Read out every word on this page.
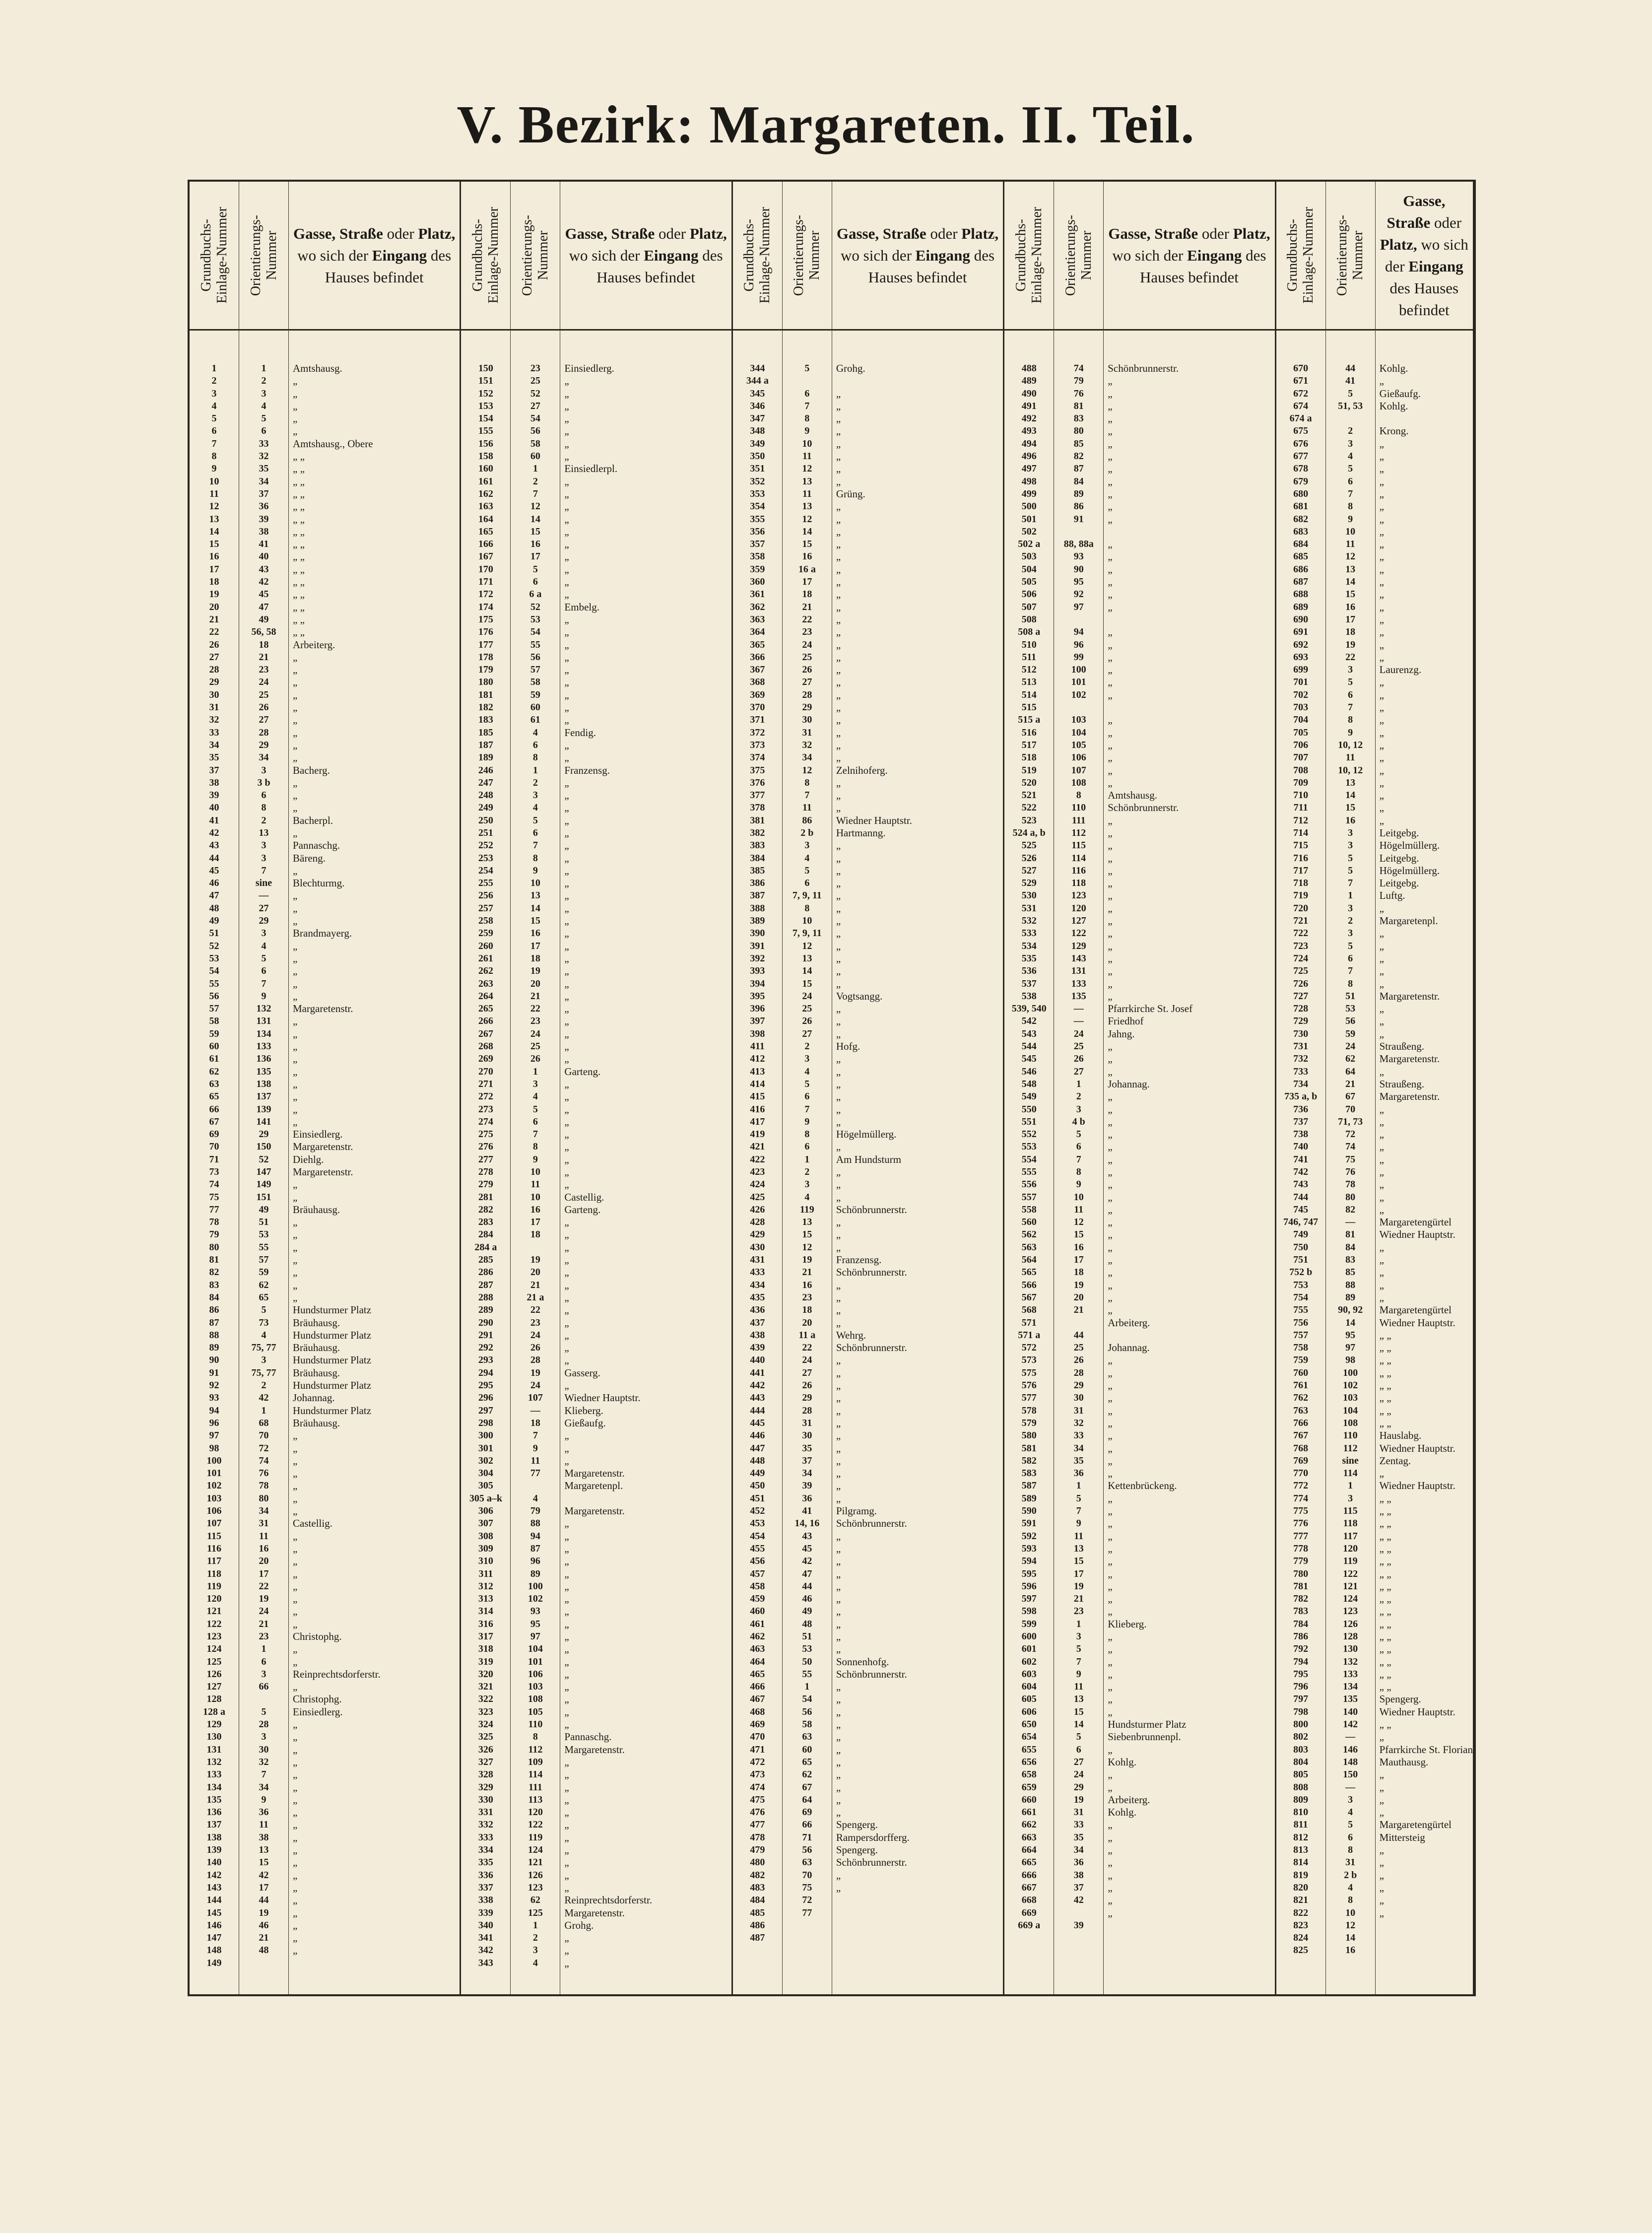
V. Bezirk: Margareten. II. Teil.
Grundbuchs-
Einlage-Nummer
1
2
3
4
5
6
7
8
9
10
11
12
13
14
15
16
17
18
19
20
21
22
26
27
28
29
30
31
32
33
34
35
37
38
39
40
41
42
43
44
45
46
47
48
49
51
52
53
54
55
56
57
58
59
60
61
62
63
65
66
67
69
70
71
73
74
75
77
78
79
80
81
82
83
84
86
87
88
89
90
91
92
93
94
96
97
98
100
101
102
103
106
107
115
116
117
118
119
120
121
122
123
124
125
126
127
128
128 a
129
130
131
132
133
134
135
136
137
138
139
140
142
143
144
145
146
147
148
149
Orientierungs-
Nummer
1
2
3
4
5
6
33
32
35
34
37
36
39
38
41
40
43
42
45
47
49
56, 58
18
21
23
24
25
26
27
28
29
34
3
3 b
6
8
2
13
3
3
7
sine
—
27
29
3
4
5
6
7
9
132
131
134
133
136
135
138
137
139
141
29
150
52
147
149
151
49
51
53
55
57
59
62
65
5
73
4
75, 77
3
75, 77
2
42
1
68
70
72
74
76
78
80
34
31
11
16
20
17
22
19
24
21
23
1
6
3
66
5
28
3
30
32
7
34
9
36
11
38
13
15
42
17
44
19
46
21
48
Gasse, Straße oder Platz, wo sich der Eingang des Hauses befindet
Amtshausg.
„
„
„
„
„
Amtshausg., Obere
„ „
„ „
„ „
„ „
„ „
„ „
„ „
„ „
„ „
„ „
„ „
„ „
„ „
„ „
„ „
Arbeiterg.
„
„
„
„
„
„
„
„
„
Bacherg.
„
„
„
Bacherpl.
„
Pannaschg.
Bäreng.
„
Blechturmg.
„
„
„
Brandmayerg.
„
„
„
„
„
Margaretenstr.
„
„
„
„
„
„
„
„
„
Einsiedlerg.
Margaretenstr.
Diehlg.
Margaretenstr.
„
„
Bräuhausg.
„
„
„
„
„
„
„
Hundsturmer Platz
Bräuhausg.
Hundsturmer Platz
Bräuhausg.
Hundsturmer Platz
Bräuhausg.
Hundsturmer Platz
Johannag.
Hundsturmer Platz
Bräuhausg.
„
„
„
„
„
„
„
Castellig.
„
„
„
„
„
„
„
„
Christophg.
„
„
Reinprechtsdorferstr.
„
Christophg.
Einsiedlerg.
„
„
„
„
„
„
„
„
„
„
„
„
„
„
„
„
„
„
„
Grundbuchs-
Einlage-Nummer
150
151
152
153
154
155
156
158
160
161
162
163
164
165
166
167
170
171
172
174
175
176
177
178
179
180
181
182
183
185
187
189
246
247
248
249
250
251
252
253
254
255
256
257
258
259
260
261
262
263
264
265
266
267
268
269
270
271
272
273
274
275
276
277
278
279
281
282
283
284
284 a
285
286
287
288
289
290
291
292
293
294
295
296
297
298
300
301
302
304
305
305 a–k
306
307
308
309
310
311
312
313
314
316
317
318
319
320
321
322
323
324
325
326
327
328
329
330
331
332
333
334
335
336
337
338
339
340
341
342
343
Orientierungs-
Nummer
23
25
52
27
54
56
58
60
1
2
7
12
14
15
16
17
5
6
6 a
52
53
54
55
56
57
58
59
60
61
4
6
8
1
2
3
4
5
6
7
8
9
10
13
14
15
16
17
18
19
20
21
22
23
24
25
26
1
3
4
5
6
7
8
9
10
11
10
16
17
18
19
20
21
21 a
22
23
24
26
28
19
24
107
—
18
7
9
11
77
4
79
88
94
87
96
89
100
102
93
95
97
104
101
106
103
108
105
110
8
112
109
114
111
113
120
122
119
124
121
126
123
62
125
1
2
3
4
Gasse, Straße oder Platz, wo sich der Eingang des Hauses befindet
Einsiedlerg.
„
„
„
„
„
„
„
Einsiedlerpl.
„
„
„
„
„
„
„
„
„
„
Embelg.
„
„
„
„
„
„
„
„
„
Fendig.
„
„
Franzensg.
„
„
„
„
„
„
„
„
„
„
„
„
„
„
„
„
„
„
„
„
„
„
„
Garteng.
„
„
„
„
„
„
„
„
„
Castellig.
Garteng.
„
„
„
„
„
„
„
„
„
„
„
„
Gasserg.
„
Wiedner Hauptstr.
Klieberg.
Gießaufg.
„
„
„
Margaretenstr.
Margaretenpl.
Margaretenstr.
„
„
„
„
„
„
„
„
„
„
„
„
„
„
„
„
„
Pannaschg.
Margaretenstr.
„
„
„
„
„
„
„
„
„
„
„
Reinprechtsdorferstr.
Margaretenstr.
Grohg.
„
„
„
Grundbuchs-
Einlage-Nummer
344
344 a
345
346
347
348
349
350
351
352
353
354
355
356
357
358
359
360
361
362
363
364
365
366
367
368
369
370
371
372
373
374
375
376
377
378
381
382
383
384
385
386
387
388
389
390
391
392
393
394
395
396
397
398
411
412
413
414
415
416
417
419
421
422
423
424
425
426
428
429
430
431
433
434
435
436
437
438
439
440
441
442
443
444
445
446
447
448
449
450
451
452
453
454
455
456
457
458
459
460
461
462
463
464
465
466
467
468
469
470
471
472
473
474
475
476
477
478
479
480
482
483
484
485
486
487
Orientierungs-
Nummer
5
6
7
8
9
10
11
12
13
11
13
12
14
15
16
16 a
17
18
21
22
23
24
25
26
27
28
29
30
31
32
34
12
8
7
11
86
2 b
3
4
5
6
7, 9, 11
8
10
7, 9, 11
12
13
14
15
24
25
26
27
2
3
4
5
6
7
9
8
6
1
2
3
4
119
13
15
12
19
21
16
23
18
20
11 a
22
24
27
26
29
28
31
30
35
37
34
39
36
41
14, 16
43
45
42
47
44
46
49
48
51
53
50
55
1
54
56
58
63
60
65
62
67
64
69
66
71
56
63
70
75
72
77
Gasse, Straße oder Platz, wo sich der Eingang des Hauses befindet
Grohg.
„
„
„
„
„
„
„
„
Grüng.
„
„
„
„
„
„
„
„
„
„
„
„
„
„
„
„
„
„
„
„
„
Zelnihoferg.
„
„
„
Wiedner Hauptstr.
Hartmanng.
„
„
„
„
„
„
„
„
„
„
„
„
Vogtsangg.
„
„
„
Hofg.
„
„
„
„
„
„
Högelmüllerg.
„
Am Hundsturm
„
„
„
Schönbrunnerstr.
„
„
„
Franzensg.
Schönbrunnerstr.
„
„
„
„
Wehrg.
Schönbrunnerstr.
„
„
„
„
„
„
„
„
„
„
„
„
Pilgramg.
Schönbrunnerstr.
„
„
„
„
„
„
„
„
„
„
Sonnenhofg.
Schönbrunnerstr.
„
„
„
„
„
„
„
„
„
„
„
Spengerg.
Rampersdorfferg.
Spengerg.
Schönbrunnerstr.
„
„
Grundbuchs-
Einlage-Nummer
488
489
490
491
492
493
494
496
497
498
499
500
501
502
502 a
503
504
505
506
507
508
508 a
510
511
512
513
514
515
515 a
516
517
518
519
520
521
522
523
524 a, b
525
526
527
529
530
531
532
533
534
535
536
537
538
539, 540
542
543
544
545
546
548
549
550
551
552
553
554
555
556
557
558
560
562
563
564
565
566
567
568
571
571 a
572
573
575
576
577
578
579
580
581
582
583
587
589
590
591
592
593
594
595
596
597
598
599
600
601
602
603
604
605
606
650
654
655
656
658
659
660
661
662
663
664
665
666
667
668
669
669 a
Orientierungs-
Nummer
74
79
76
81
83
80
85
82
87
84
89
86
91
88, 88a
93
90
95
92
97
94
96
99
100
101
102
103
104
105
106
107
108
8
110
111
112
115
114
116
118
123
120
127
122
129
143
131
133
135
—
—
24
25
26
27
1
2
3
4 b
5
6
7
8
9
10
11
12
15
16
17
18
19
20
21
44
25
26
28
29
30
31
32
33
34
35
36
1
5
7
9
11
13
15
17
19
21
23
1
3
5
7
9
11
13
15
14
5
6
27
24
29
19
31
33
35
34
36
38
37
42
39
Gasse, Straße oder Platz, wo sich der Eingang des Hauses befindet
Schönbrunnerstr.
„
„
„
„
„
„
„
„
„
„
„
„
„
„
„
„
„
„
„
„
„
„
„
„
„
„
„
„
„
„
Amtshausg.
Schönbrunnerstr.
„
„
„
„
„
„
„
„
„
„
„
„
„
„
„
Pfarrkirche St. Josef
Friedhof
Jahng.
„
„
„
Johannag.
„
„
„
„
„
„
„
„
„
„
„
„
„
„
„
„
„
„
Arbeiterg.
Johannag.
„
„
„
„
„
„
„
„
„
„
Kettenbrückeng.
„
„
„
„
„
„
„
„
„
„
Klieberg.
„
„
„
„
„
„
„
Hundsturmer Platz
Siebenbrunnenpl.
„
Kohlg.
„
„
Arbeiterg.
Kohlg.
„
„
„
„
„
„
„
„
Grundbuchs-
Einlage-Nummer
670
671
672
674
674 a
675
676
677
678
679
680
681
682
683
684
685
686
687
688
689
690
691
692
693
699
701
702
703
704
705
706
707
708
709
710
711
712
714
715
716
717
718
719
720
721
722
723
724
725
726
727
728
729
730
731
732
733
734
735 a, b
736
737
738
740
741
742
743
744
745
746, 747
749
750
751
752 b
753
754
755
756
757
758
759
760
761
762
763
766
767
768
769
770
772
774
775
776
777
778
779
780
781
782
783
784
786
792
794
795
796
797
798
800
802
803
804
805
808
809
810
811
812
813
814
819
820
821
822
823
824
825
Orientierungs-
Nummer
44
41
5
51, 53
2
3
4
5
6
7
8
9
10
11
12
13
14
15
16
17
18
19
22
3
5
6
7
8
9
10, 12
11
10, 12
13
14
15
16
3
3
5
5
7
1
3
2
3
5
6
7
8
51
53
56
59
24
62
64
21
67
70
71, 73
72
74
75
76
78
80
82
—
81
84
83
85
88
89
90, 92
14
95
97
98
100
102
103
104
108
110
112
sine
114
1
3
115
118
117
120
119
122
121
124
123
126
128
130
132
133
134
135
140
142
—
146
148
150
—
3
4
5
6
8
31
2 b
4
8
10
12
14
16
Gasse, Straße oder Platz, wo sich der Eingang des Hauses befindet
Kohlg.
„
Gießaufg.
Kohlg.
Krong.
„
„
„
„
„
„
„
„
„
„
„
„
„
„
„
„
„
„
Laurenzg.
„
„
„
„
„
„
„
„
„
„
„
„
Leitgebg.
Högelmüllerg.
Leitgebg.
Högelmüllerg.
Leitgebg.
Luftg.
„
Margaretenpl.
„
„
„
„
„
Margaretenstr.
„
„
„
Straußeng.
Margaretenstr.
„
Straußeng.
Margaretenstr.
„
„
„
„
„
„
„
„
„
Margaretengürtel
Wiedner Hauptstr.
„
„
„
„
„
Margaretengürtel
Wiedner Hauptstr.
„ „
„ „
„ „
„ „
„ „
„ „
„ „
„ „
Hauslabg.
Wiedner Hauptstr.
Zentag.
„
Wiedner Hauptstr.
„ „
„ „
„ „
„ „
„ „
„ „
„ „
„ „
„ „
„ „
„ „
„ „
„ „
„ „
„ „
„ „
Spengerg.
Wiedner Hauptstr.
„ „
„
Pfarrkirche St. Florian
Mauthausg.
„
„
„
„
Margaretengürtel
Mittersteig
„
„
„
„
„
„
